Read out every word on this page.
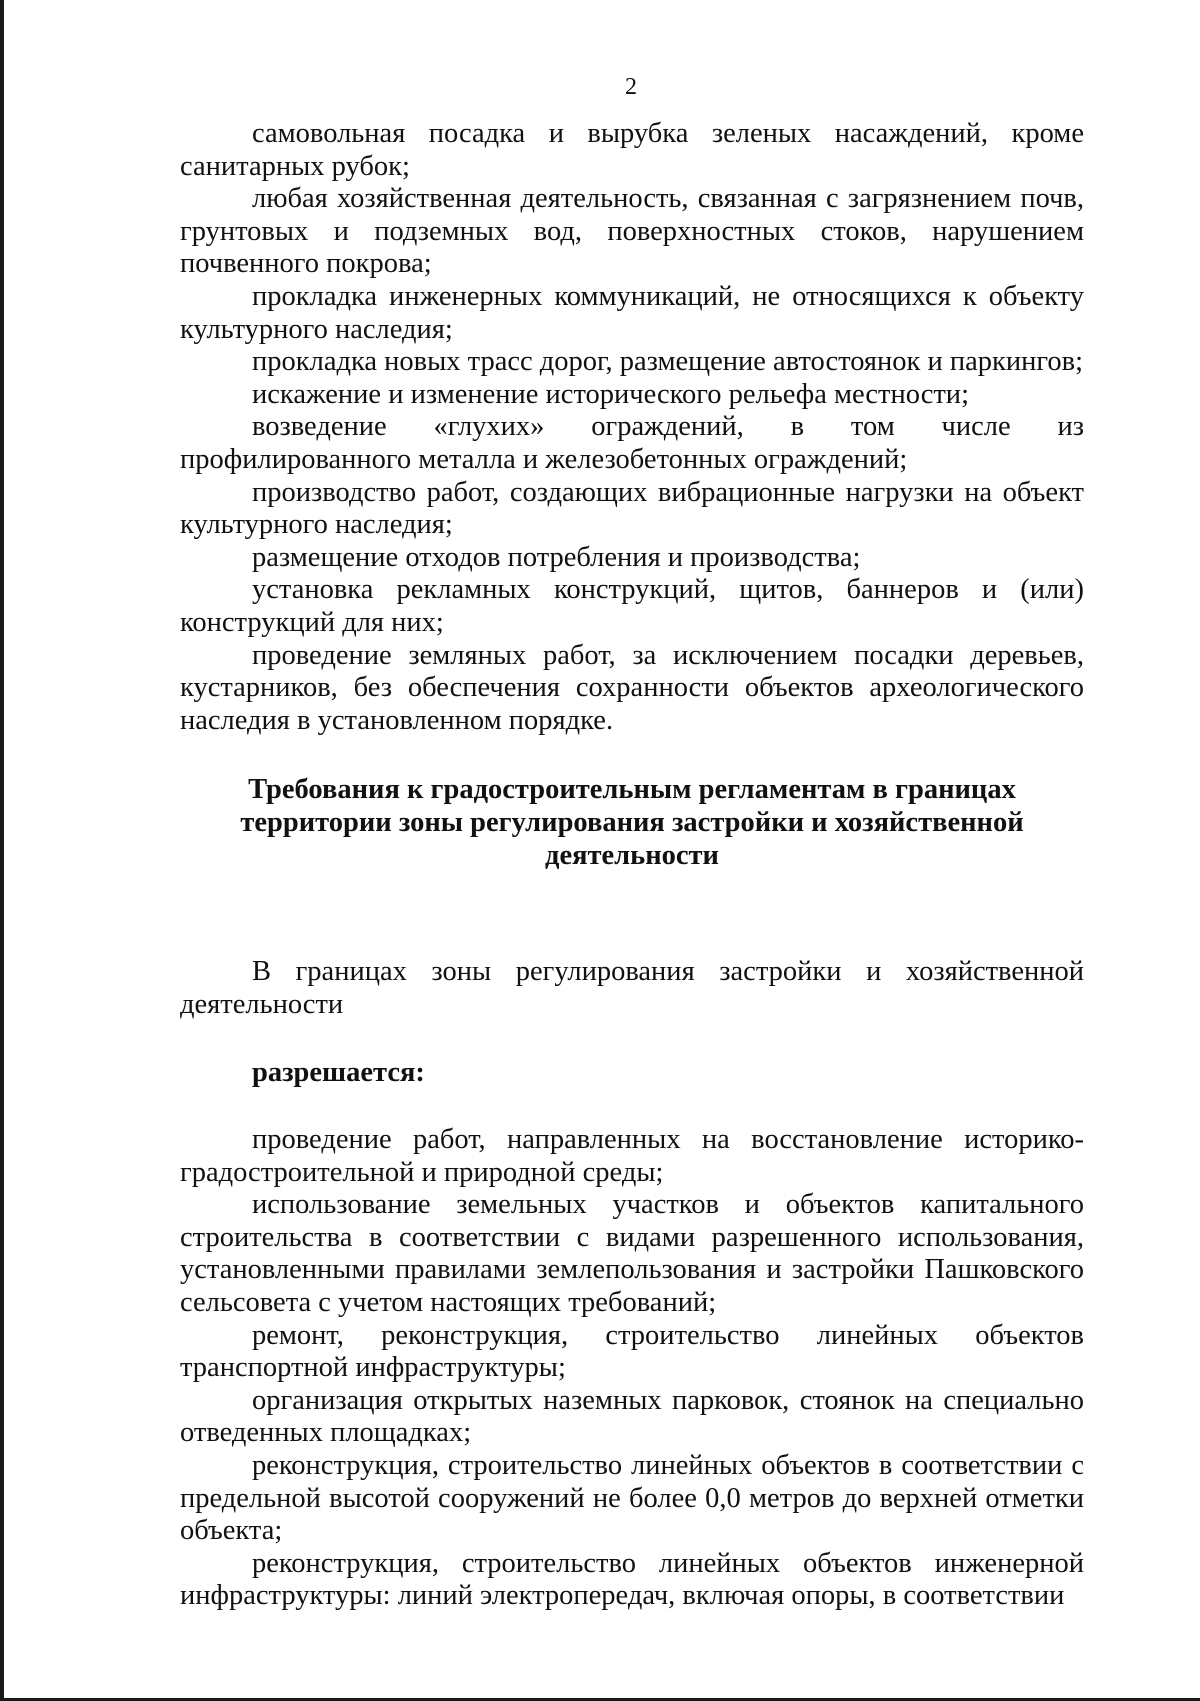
2

самовольная посадка и вырубка зеленых насаждений, кроме санитарных рубок;

любая хозяйственная деятельность, связанная с загрязнением почв, грунтовых и подземных вод, поверхностных стоков, нарушением почвенного покрова;

прокладка инженерных коммуникаций, не относящихся к объекту культурного наследия;

прокладка новых трасс дорог, размещение автостоянок и паркингов;

искажение и изменение исторического рельефа местности;

возведение «глухих» ограждений, в том числе из профилированного металла и железобетонных ограждений;

производство работ, создающих вибрационные нагрузки на объект культурного наследия;

размещение отходов потребления и производства;

установка рекламных конструкций, щитов, баннеров и (или) конструкций для них;

проведение земляных работ, за исключением посадки деревьев, кустарников, без обеспечения сохранности объектов археологического наследия в установленном порядке.

Требования к градостроительным регламентам в границах
территории зоны регулирования застройки и хозяйственной
деятельности

В границах зоны регулирования застройки и хозяйственной деятельности

разрешается:

проведение работ, направленных на восстановление историко-градостроительной и природной среды;

использование земельных участков и объектов капитального строительства в соответствии с видами разрешенного использования, установленными правилами землепользования и застройки Пашковского сельсовета с учетом настоящих требований;

ремонт, реконструкция, строительство линейных объектов транспортной инфраструктуры;

организация открытых наземных парковок, стоянок на специально отведенных площадках;

реконструкция, строительство линейных объектов в соответствии с предельной высотой сооружений не более 0,0 метров до верхней отметки объекта;

реконструкция, строительство линейных объектов инженерной инфраструктуры: линий электропередач, включая опоры, в соответствии
